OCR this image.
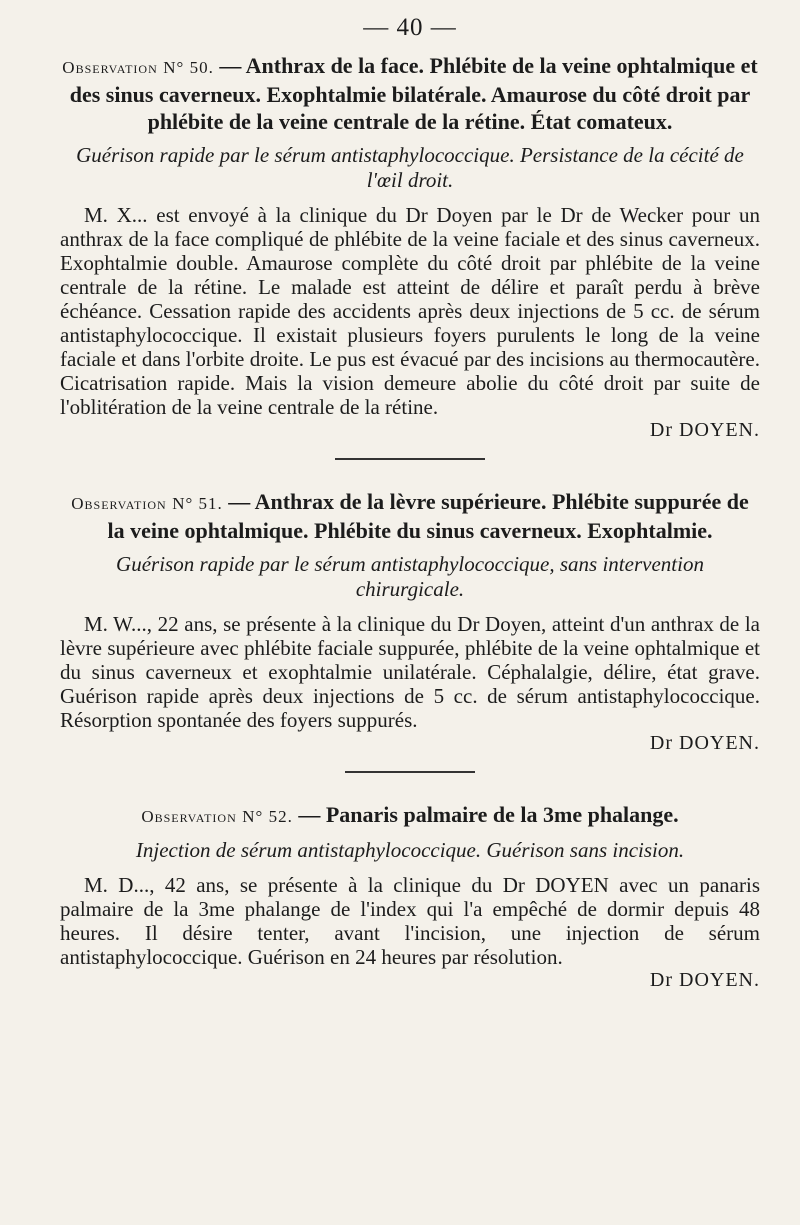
— 40 —

Observation N° 50. — Anthrax de la face. Phlébite de la veine ophtalmique et des sinus caverneux. Exophtalmie bilatérale. Amaurose du côté droit par phlébite de la veine centrale de la rétine. État comateux.

Guérison rapide par le sérum antistaphylococcique. Persistance de la cécité de l'œil droit.

M. X... est envoyé à la clinique du Dr Doyen par le Dr de Wecker pour un anthrax de la face compliqué de phlébite de la veine faciale et des sinus caverneux. Exophtalmie double. Amaurose complète du côté droit par phlébite de la veine centrale de la rétine. Le malade est atteint de délire et paraît perdu à brève échéance. Cessation rapide des accidents après deux injections de 5 cc. de sérum antistaphylococcique. Il existait plusieurs foyers purulents le long de la veine faciale et dans l'orbite droite. Le pus est évacué par des incisions au thermocautère. Cicatrisation rapide. Mais la vision demeure abolie du côté droit par suite de l'oblitération de la veine centrale de la rétine.

Dr DOYEN.

Observation N° 51. — Anthrax de la lèvre supérieure. Phlébite suppurée de la veine ophtalmique. Phlébite du sinus caverneux. Exophtalmie.

Guérison rapide par le sérum antistaphylococcique, sans intervention chirurgicale.

M. W..., 22 ans, se présente à la clinique du Dr Doyen, atteint d'un anthrax de la lèvre supérieure avec phlébite faciale suppurée, phlébite de la veine ophtalmique et du sinus caverneux et exophtalmie unilatérale. Céphalalgie, délire, état grave. Guérison rapide après deux injections de 5 cc. de sérum antistaphylococcique. Résorption spontanée des foyers suppurés.

Dr DOYEN.

Observation N° 52. — Panaris palmaire de la 3me phalange.

Injection de sérum antistaphylococcique. Guérison sans incision.

M. D..., 42 ans, se présente à la clinique du Dr DOYEN avec un panaris palmaire de la 3me phalange de l'index qui l'a empêché de dormir depuis 48 heures. Il désire tenter, avant l'incision, une injection de sérum antistaphylococcique. Guérison en 24 heures par résolution.

Dr DOYEN.
